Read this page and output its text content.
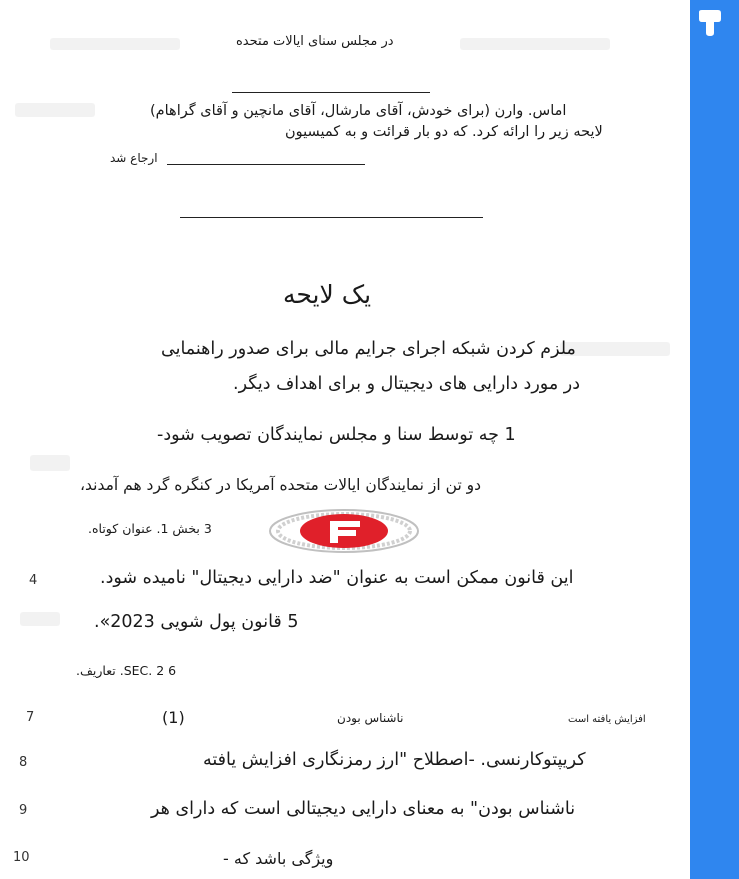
در مجلس سنای ایالات متحده
اماس. وارن (برای خودش، آقای مارشال، آقای مانچین و آقای گراهام)
لایحه زیر را ارائه کرد. که دو بار قرائت و به کمیسیون
ارجاع شد
یک لایحه
ملزم کردن شبکه اجرای جرایم مالی برای صدور راهنمایی
در مورد دارایی های دیجیتال و برای اهداف دیگر.
1 چه توسط سنا و مجلس نمایندگان تصویب شود-
دو تن از نمایندگان ایالات متحده آمریکا در کنگره گرد هم آمدند،
3 بخش 1. عنوان کوتاه.
4	این قانون ممکن است به عنوان "ضد دارایی دیجیتال" نامیده شود.
5 قانون پول شویی 2023».
6 SEC. 2. تعاریف.
7	(1)	ناشناس بودن	افزایش یافته است
8	کریپتوکارنسی. -اصطلاح "ارز رمزنگاری افزایش یافته
9	ناشناس بودن" به معنای دارایی دیجیتالی است که دارای هر
10	ویژگی باشد که -
